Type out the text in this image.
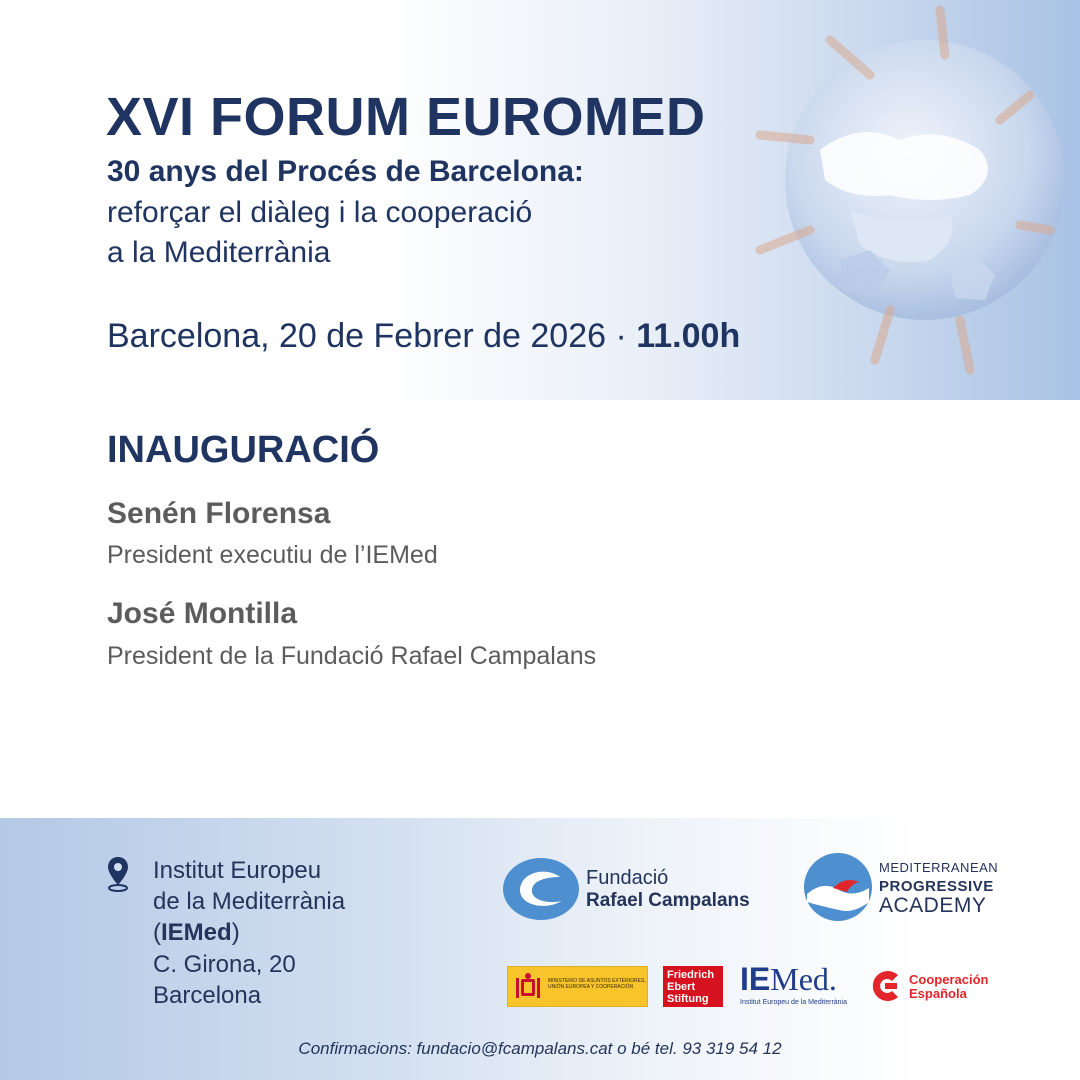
XVI FORUM EUROMED
30 anys del Procés de Barcelona:
reforçar el diàleg i la cooperació
a la Mediterrània
Barcelona, 20 de Febrer de 2026 · 11.00h
INAUGURACIÓ
Senén Florensa
President executiu de l’IEMed
José Montilla
President de la Fundació Rafael Campalans
Institut Europeu
de la Mediterrània
(IEMed)
C. Girona, 20
Barcelona
Fundació
Rafael Campalans
MEDITERRANEAN
PROGRESSIVE
ACADEMY
MINISTERIO DE ASUNTOS EXTERIORES, UNIÓN EUROPEA Y COOPERACIÓN
Friedrich
Ebert
Stiftung
IEMed.
Institut Europeu de la Mediterrània
Cooperación
Española
Confirmacions: fundacio@fcampalans.cat o bé tel. 93 319 54 12
